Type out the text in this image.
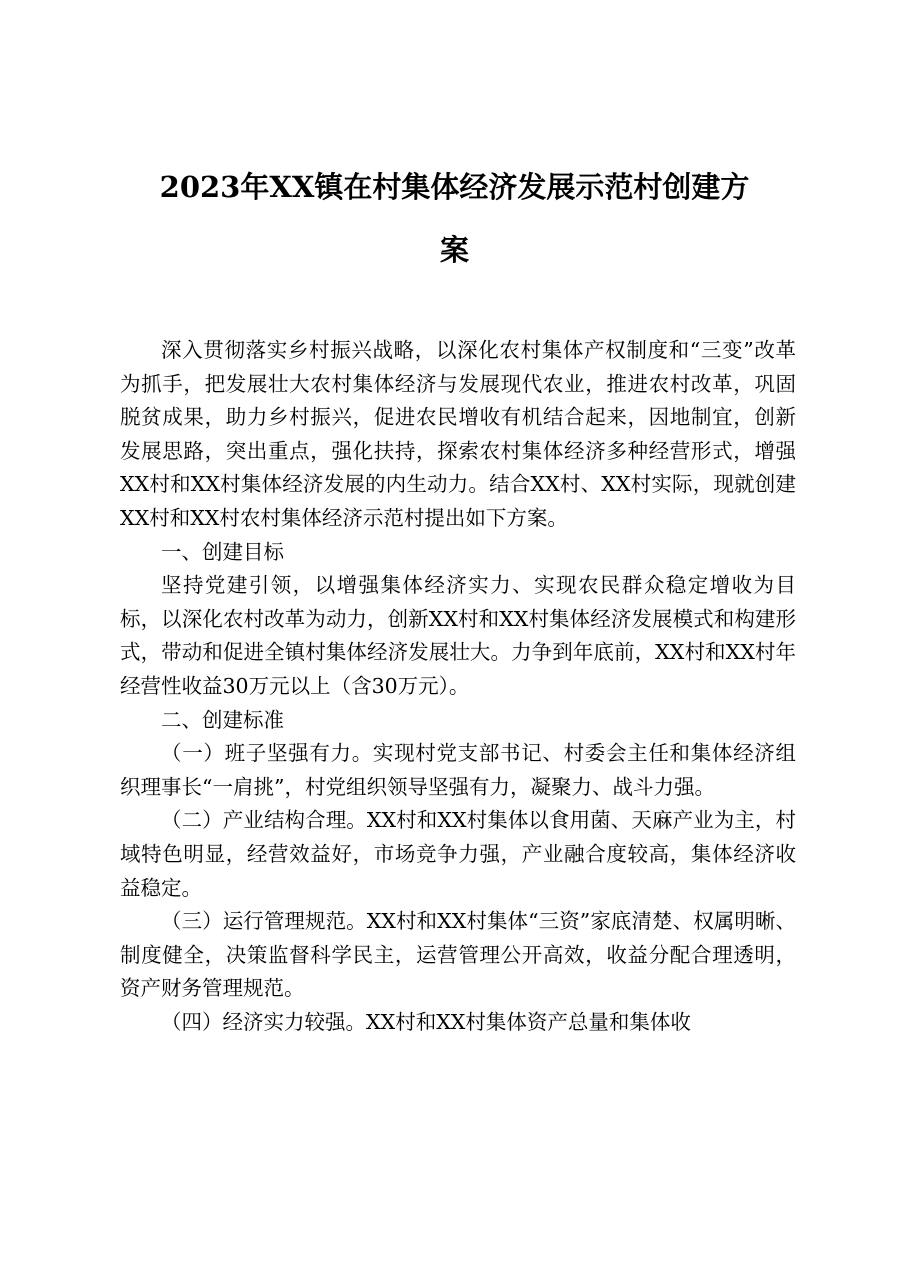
2023年XX镇在村集体经济发展示范村创建方
案

深入贯彻落实乡村振兴战略，以深化农村集体产权制度和“三变”改革为抓手，把发展壮大农村集体经济与发展现代农业，推进农村改革，巩固脱贫成果，助力乡村振兴，促进农民增收有机结合起来，因地制宜，创新发展思路，突出重点，强化扶持，探索农村集体经济多种经营形式，增强XX村和XX村集体经济发展的内生动力。结合XX村、XX村实际，现就创建XX村和XX村农村集体经济示范村提出如下方案。

一、创建目标

坚持党建引领，以增强集体经济实力、实现农民群众稳定增收为目标，以深化农村改革为动力，创新XX村和XX村集体经济发展模式和构建形式，带动和促进全镇村集体经济发展壮大。力争到年底前，XX村和XX村年经营性收益30万元以上（含30万元）。

二、创建标准

（一）班子坚强有力。实现村党支部书记、村委会主任和集体经济组织理事长“一肩挑”，村党组织领导坚强有力，凝聚力、战斗力强。

（二）产业结构合理。XX村和XX村集体以食用菌、天麻产业为主，村域特色明显，经营效益好，市场竞争力强，产业融合度较高，集体经济收益稳定。

（三）运行管理规范。XX村和XX村集体“三资”家底清楚、权属明晰、制度健全，决策监督科学民主，运营管理公开高效，收益分配合理透明，资产财务管理规范。

（四）经济实力较强。XX村和XX村集体资产总量和集体收
